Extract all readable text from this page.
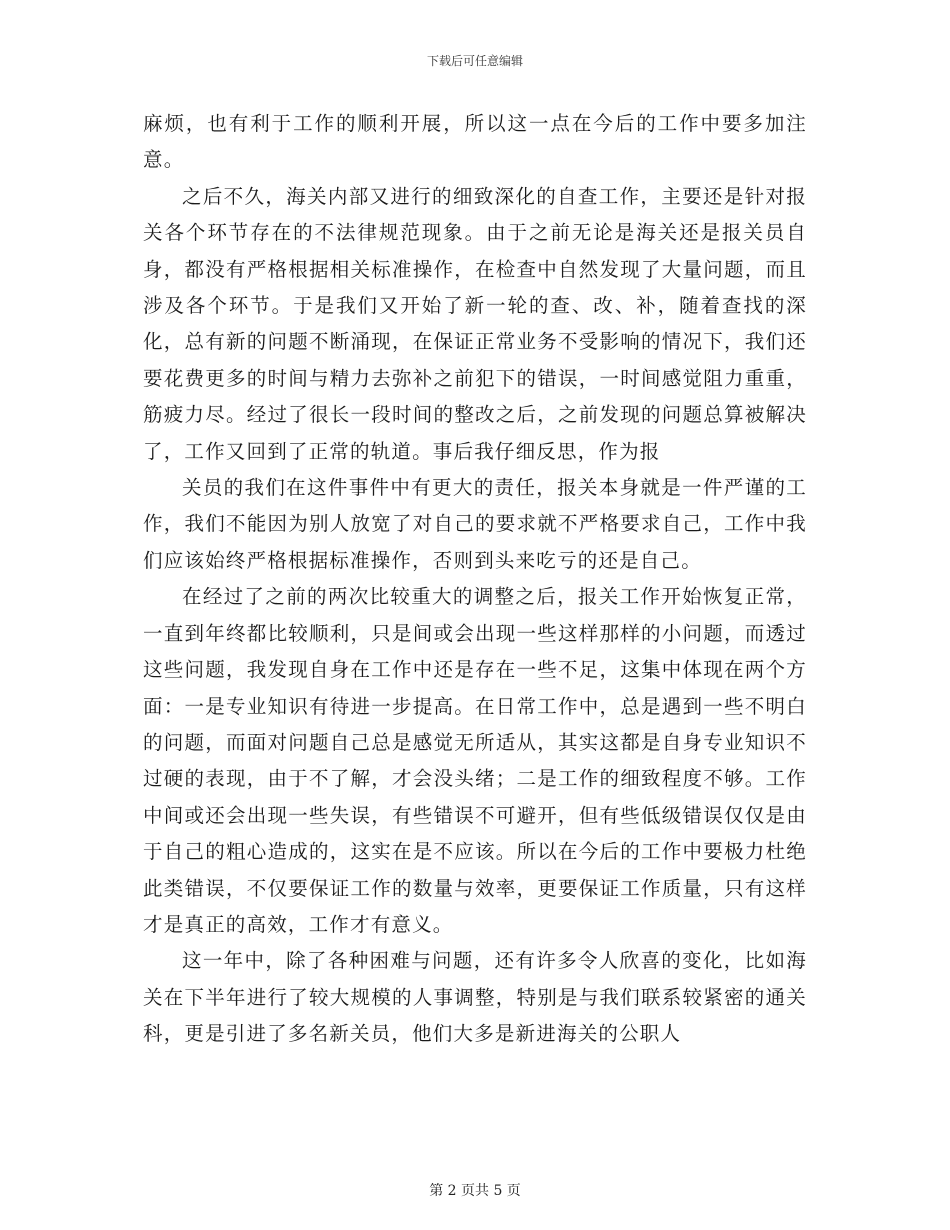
下载后可任意编辑

麻烦，也有利于工作的顺利开展，所以这一点在今后的工作中要多加注意。

之后不久，海关内部又进行的细致深化的自查工作，主要还是针对报关各个环节存在的不法律规范现象。由于之前无论是海关还是报关员自身，都没有严格根据相关标准操作，在检查中自然发现了大量问题，而且涉及各个环节。于是我们又开始了新一轮的查、改、补，随着查找的深化，总有新的问题不断涌现，在保证正常业务不受影响的情况下，我们还要花费更多的时间与精力去弥补之前犯下的错误，一时间感觉阻力重重，筋疲力尽。经过了很长一段时间的整改之后，之前发现的问题总算被解决了，工作又回到了正常的轨道。事后我仔细反思，作为报

关员的我们在这件事件中有更大的责任，报关本身就是一件严谨的工作，我们不能因为别人放宽了对自己的要求就不严格要求自己，工作中我们应该始终严格根据标准操作，否则到头来吃亏的还是自己。

在经过了之前的两次比较重大的调整之后，报关工作开始恢复正常，一直到年终都比较顺利，只是间或会出现一些这样那样的小问题，而透过这些问题，我发现自身在工作中还是存在一些不足，这集中体现在两个方面：一是专业知识有待进一步提高。在日常工作中，总是遇到一些不明白的问题，而面对问题自己总是感觉无所适从，其实这都是自身专业知识不过硬的表现，由于不了解，才会没头绪；二是工作的细致程度不够。工作中间或还会出现一些失误，有些错误不可避开，但有些低级错误仅仅是由于自己的粗心造成的，这实在是不应该。所以在今后的工作中要极力杜绝此类错误，不仅要保证工作的数量与效率，更要保证工作质量，只有这样才是真正的高效，工作才有意义。

这一年中，除了各种困难与问题，还有许多令人欣喜的变化，比如海关在下半年进行了较大规模的人事调整，特别是与我们联系较紧密的通关科，更是引进了多名新关员，他们大多是新进海关的公职人

第 2 页共 5 页
